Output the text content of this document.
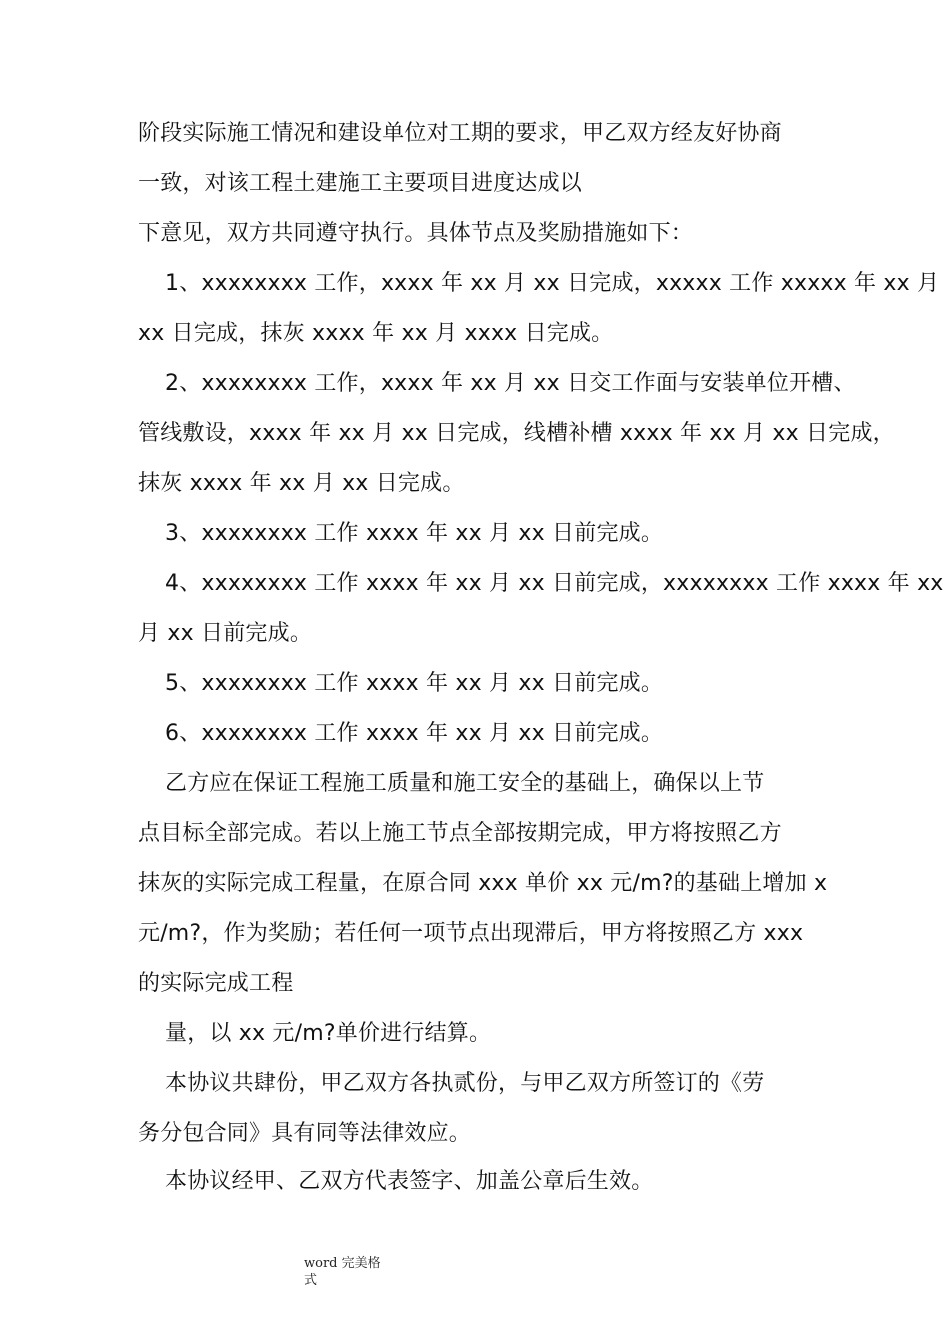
阶段实际施工情况和建设单位对工期的要求，甲乙双方经友好协商
一致，对该工程土建施工主要项目进度达成以
下意见，双方共同遵守执行。具体节点及奖励措施如下：
1、xxxxxxxx 工作，xxxx 年 xx 月 xx 日完成，xxxxx 工作 xxxxx 年 xx 月
xx 日完成，抹灰 xxxx 年 xx 月 xxxx 日完成。
2、xxxxxxxx 工作，xxxx 年 xx 月 xx 日交工作面与安装单位开槽、
管线敷设，xxxx 年 xx 月 xx 日完成，线槽补槽 xxxx 年 xx 月 xx 日完成，
抹灰 xxxx 年 xx 月 xx 日完成。
3、xxxxxxxx 工作 xxxx 年 xx 月 xx 日前完成。
4、xxxxxxxx 工作 xxxx 年 xx 月 xx 日前完成，xxxxxxxx 工作 xxxx 年 xx
月 xx 日前完成。
5、xxxxxxxx 工作 xxxx 年 xx 月 xx 日前完成。
6、xxxxxxxx 工作 xxxx 年 xx 月 xx 日前完成。
乙方应在保证工程施工质量和施工安全的基础上，确保以上节
点目标全部完成。若以上施工节点全部按期完成，甲方将按照乙方
抹灰的实际完成工程量，在原合同 xxx 单价 xx 元/m?的基础上增加 x
元/m?，作为奖励；若任何一项节点出现滞后，甲方将按照乙方 xxx
的实际完成工程
量，以 xx 元/m?单价进行结算。
本协议共肆份，甲乙双方各执贰份，与甲乙双方所签订的《劳
务分包合同》具有同等法律效应。
本协议经甲、乙双方代表签字、加盖公章后生效。
word 完美格
式
